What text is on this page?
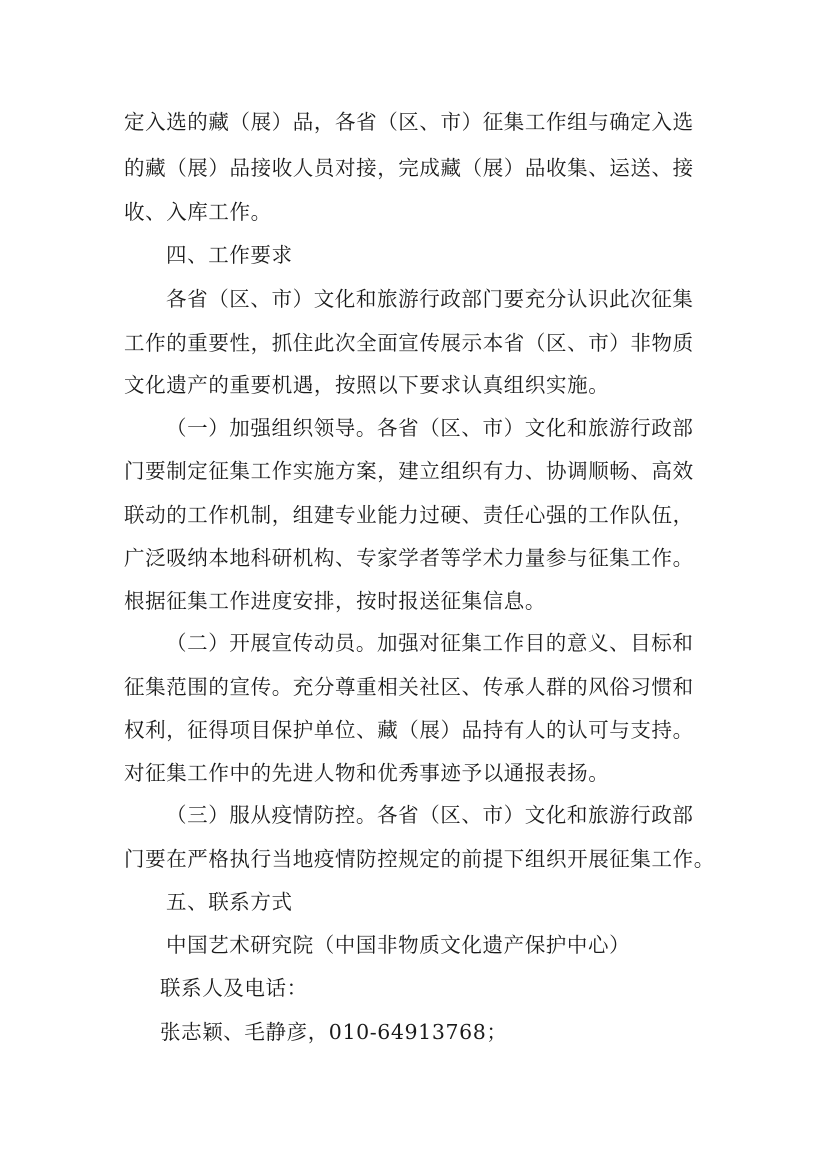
定入选的藏（展）品，各省（区、市）征集工作组与确定入选
的藏（展）品接收人员对接，完成藏（展）品收集、运送、接
收、入库工作。
四、工作要求
各省（区、市）文化和旅游行政部门要充分认识此次征集
工作的重要性，抓住此次全面宣传展示本省（区、市）非物质
文化遗产的重要机遇，按照以下要求认真组织实施。
（一）加强组织领导。各省（区、市）文化和旅游行政部
门要制定征集工作实施方案，建立组织有力、协调顺畅、高效
联动的工作机制，组建专业能力过硬、责任心强的工作队伍，
广泛吸纳本地科研机构、专家学者等学术力量参与征集工作。
根据征集工作进度安排，按时报送征集信息。
（二）开展宣传动员。加强对征集工作目的意义、目标和
征集范围的宣传。充分尊重相关社区、传承人群的风俗习惯和
权利，征得项目保护单位、藏（展）品持有人的认可与支持。
对征集工作中的先进人物和优秀事迹予以通报表扬。
（三）服从疫情防控。各省（区、市）文化和旅游行政部
门要在严格执行当地疫情防控规定的前提下组织开展征集工作。
五、联系方式
中国艺术研究院（中国非物质文化遗产保护中心）
联系人及电话：
张志颖、毛静彦，010-64913768；
